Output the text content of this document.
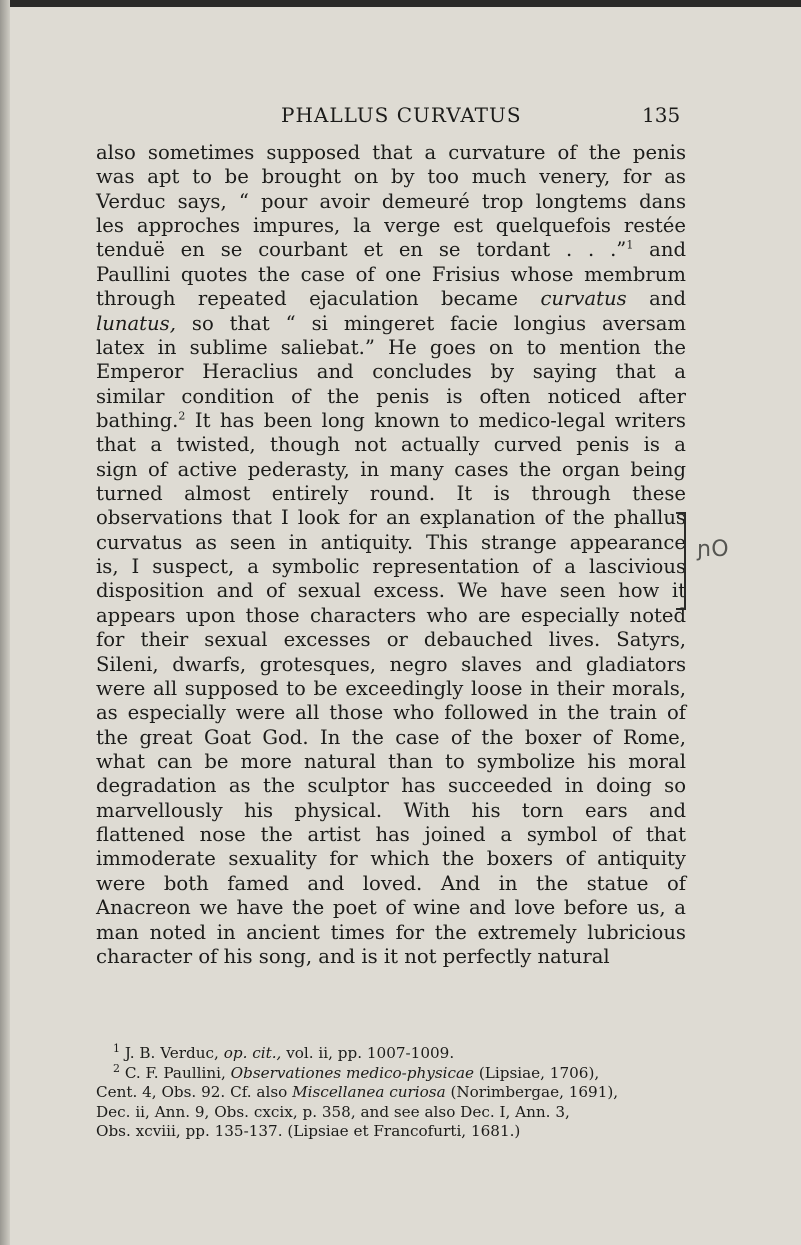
PHALLUS CURVATUS	135
also sometimes supposed that a curvature of the penis
was apt to be brought on by too much venery, for as
Verduc says, “ pour avoir demeuré trop longtems dans
les approches impures, la verge est quelquefois restée
tenduë en se courbant et en se tordant . . .”$^1$ and
Paullini quotes the case of one Frisius whose membrum
through repeated ejaculation became curvatus and
lunatus, so that “ si mingeret facie longius aversam
latex in sublime saliebat.” He goes on to mention the
Emperor Heraclius and concludes by saying that a
similar condition of the penis is often noticed after
bathing.$^2$ It has been long known to medico-legal writers
that a twisted, though not actually curved penis is a
sign of active pederasty, in many cases the organ being
turned almost entirely round. It is through these
observations that I look for an explanation of the phallus
curvatus as seen in antiquity. This strange appearance
is, I suspect, a symbolic representation of a lascivious
disposition and of sexual excess. We have seen how it
appears upon those characters who are especially noted
for their sexual excesses or debauched lives. Satyrs,
Sileni, dwarfs, grotesques, negro slaves and gladiators
were all supposed to be exceedingly loose in their morals,
as especially were all those who followed in the train of
the great Goat God. In the case of the boxer of Rome,
what can be more natural than to symbolize his moral
degradation as the sculptor has succeeded in doing so
marvellously his physical. With his torn ears and
flattened nose the artist has joined a symbol of that
immoderate sexuality for which the boxers of antiquity
were both famed and loved. And in the statue of
Anacreon we have the poet of wine and love before us, a
man noted in ancient times for the extremely lubricious
character of his song, and is it not perfectly natural
ɲO
$^1$ J. B. Verduc, op. cit., vol. ii, pp. 1007-1009.
$^2$ C. F. Paullini, Observationes medico-physicae (Lipsiae, 1706),
Cent. 4, Obs. 92. Cf. also Miscellanea curiosa (Norimbergae, 1691),
Dec. ii, Ann. 9, Obs. cxcix, p. 358, and see also Dec. I, Ann. 3,
Obs. xcviii, pp. 135-137. (Lipsiae et Francofurti, 1681.)
